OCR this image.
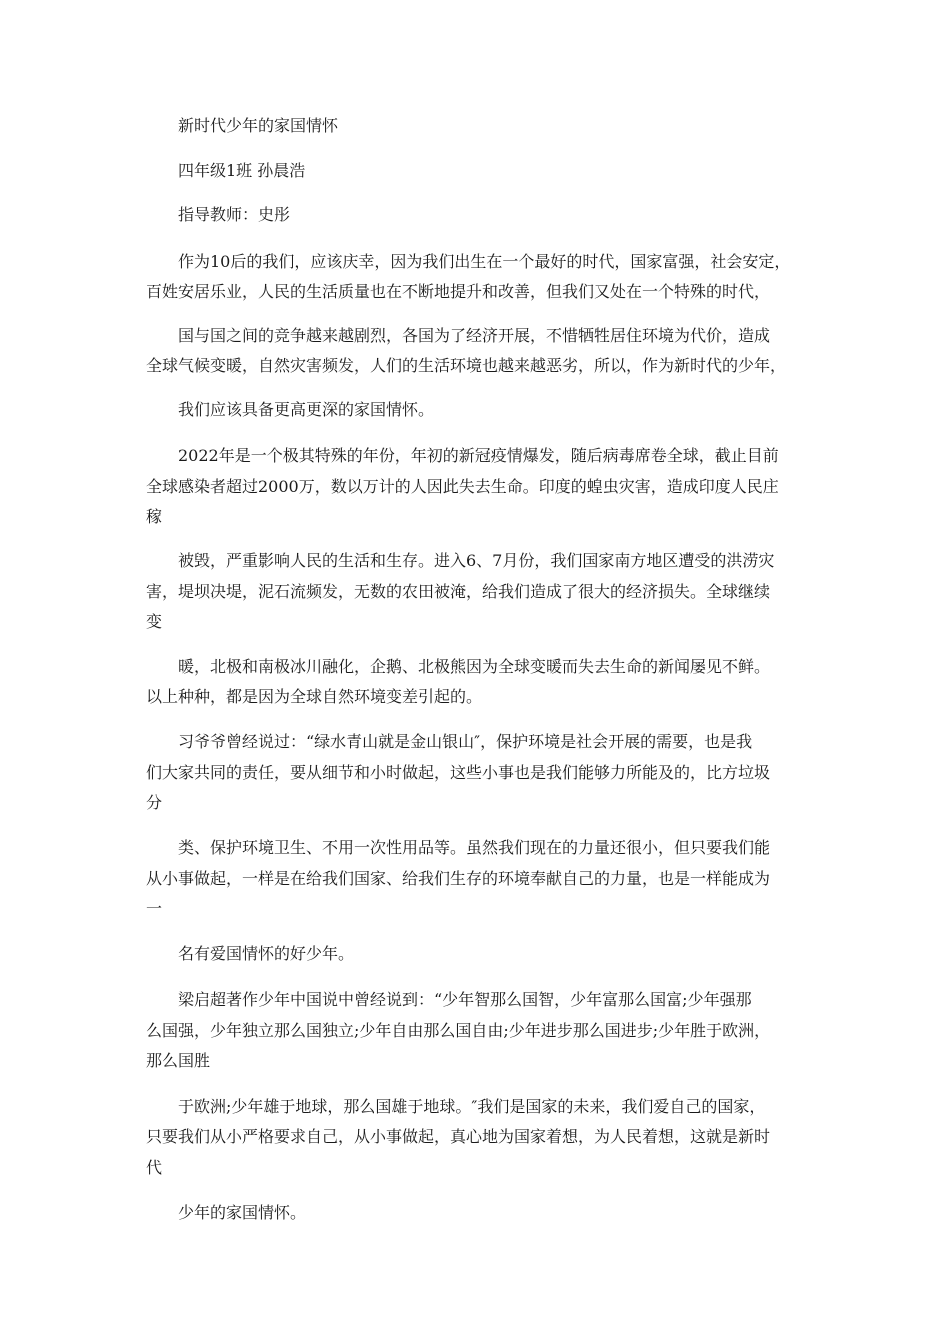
新时代少年的家国情怀
四年级1班 孙晨浩
指导教师：史彤
作为10后的我们，应该庆幸，因为我们出生在一个最好的时代，国家富强，社会安定，
百姓安居乐业，人民的生活质量也在不断地提升和改善，但我们又处在一个特殊的时代，
国与国之间的竞争越来越剧烈，各国为了经济开展，不惜牺牲居住环境为代价，造成
全球气候变暖，自然灾害频发，人们的生活环境也越来越恶劣，所以，作为新时代的少年，
我们应该具备更高更深的家国情怀。
2022年是一个极其特殊的年份，年初的新冠疫情爆发，随后病毒席卷全球，截止目前
全球感染者超过2000万，数以万计的人因此失去生命。印度的蝗虫灾害，造成印度人民庄
稼
被毁，严重影响人民的生活和生存。进入6、7月份，我们国家南方地区遭受的洪涝灾
害，堤坝决堤，泥石流频发，无数的农田被淹，给我们造成了很大的经济损失。全球继续
变
暖，北极和南极冰川融化，企鹅、北极熊因为全球变暖而失去生命的新闻屡见不鲜。
以上种种，都是因为全球自然环境变差引起的。
习爷爷曾经说过：“绿水青山就是金山银山″，保护环境是社会开展的需要，也是我
们大家共同的责任，要从细节和小时做起，这些小事也是我们能够力所能及的，比方垃圾
分
类、保护环境卫生、不用一次性用品等。虽然我们现在的力量还很小，但只要我们能
从小事做起，一样是在给我们国家、给我们生存的环境奉献自己的力量，也是一样能成为
一
名有爱国情怀的好少年。
梁启超著作少年中国说中曾经说到：“少年智那么国智，少年富那么国富;少年强那
么国强，少年独立那么国独立;少年自由那么国自由;少年进步那么国进步;少年胜于欧洲，
那么国胜
于欧洲;少年雄于地球，那么国雄于地球。″我们是国家的未来，我们爱自己的国家，
只要我们从小严格要求自己，从小事做起，真心地为国家着想，为人民着想，这就是新时
代
少年的家国情怀。
